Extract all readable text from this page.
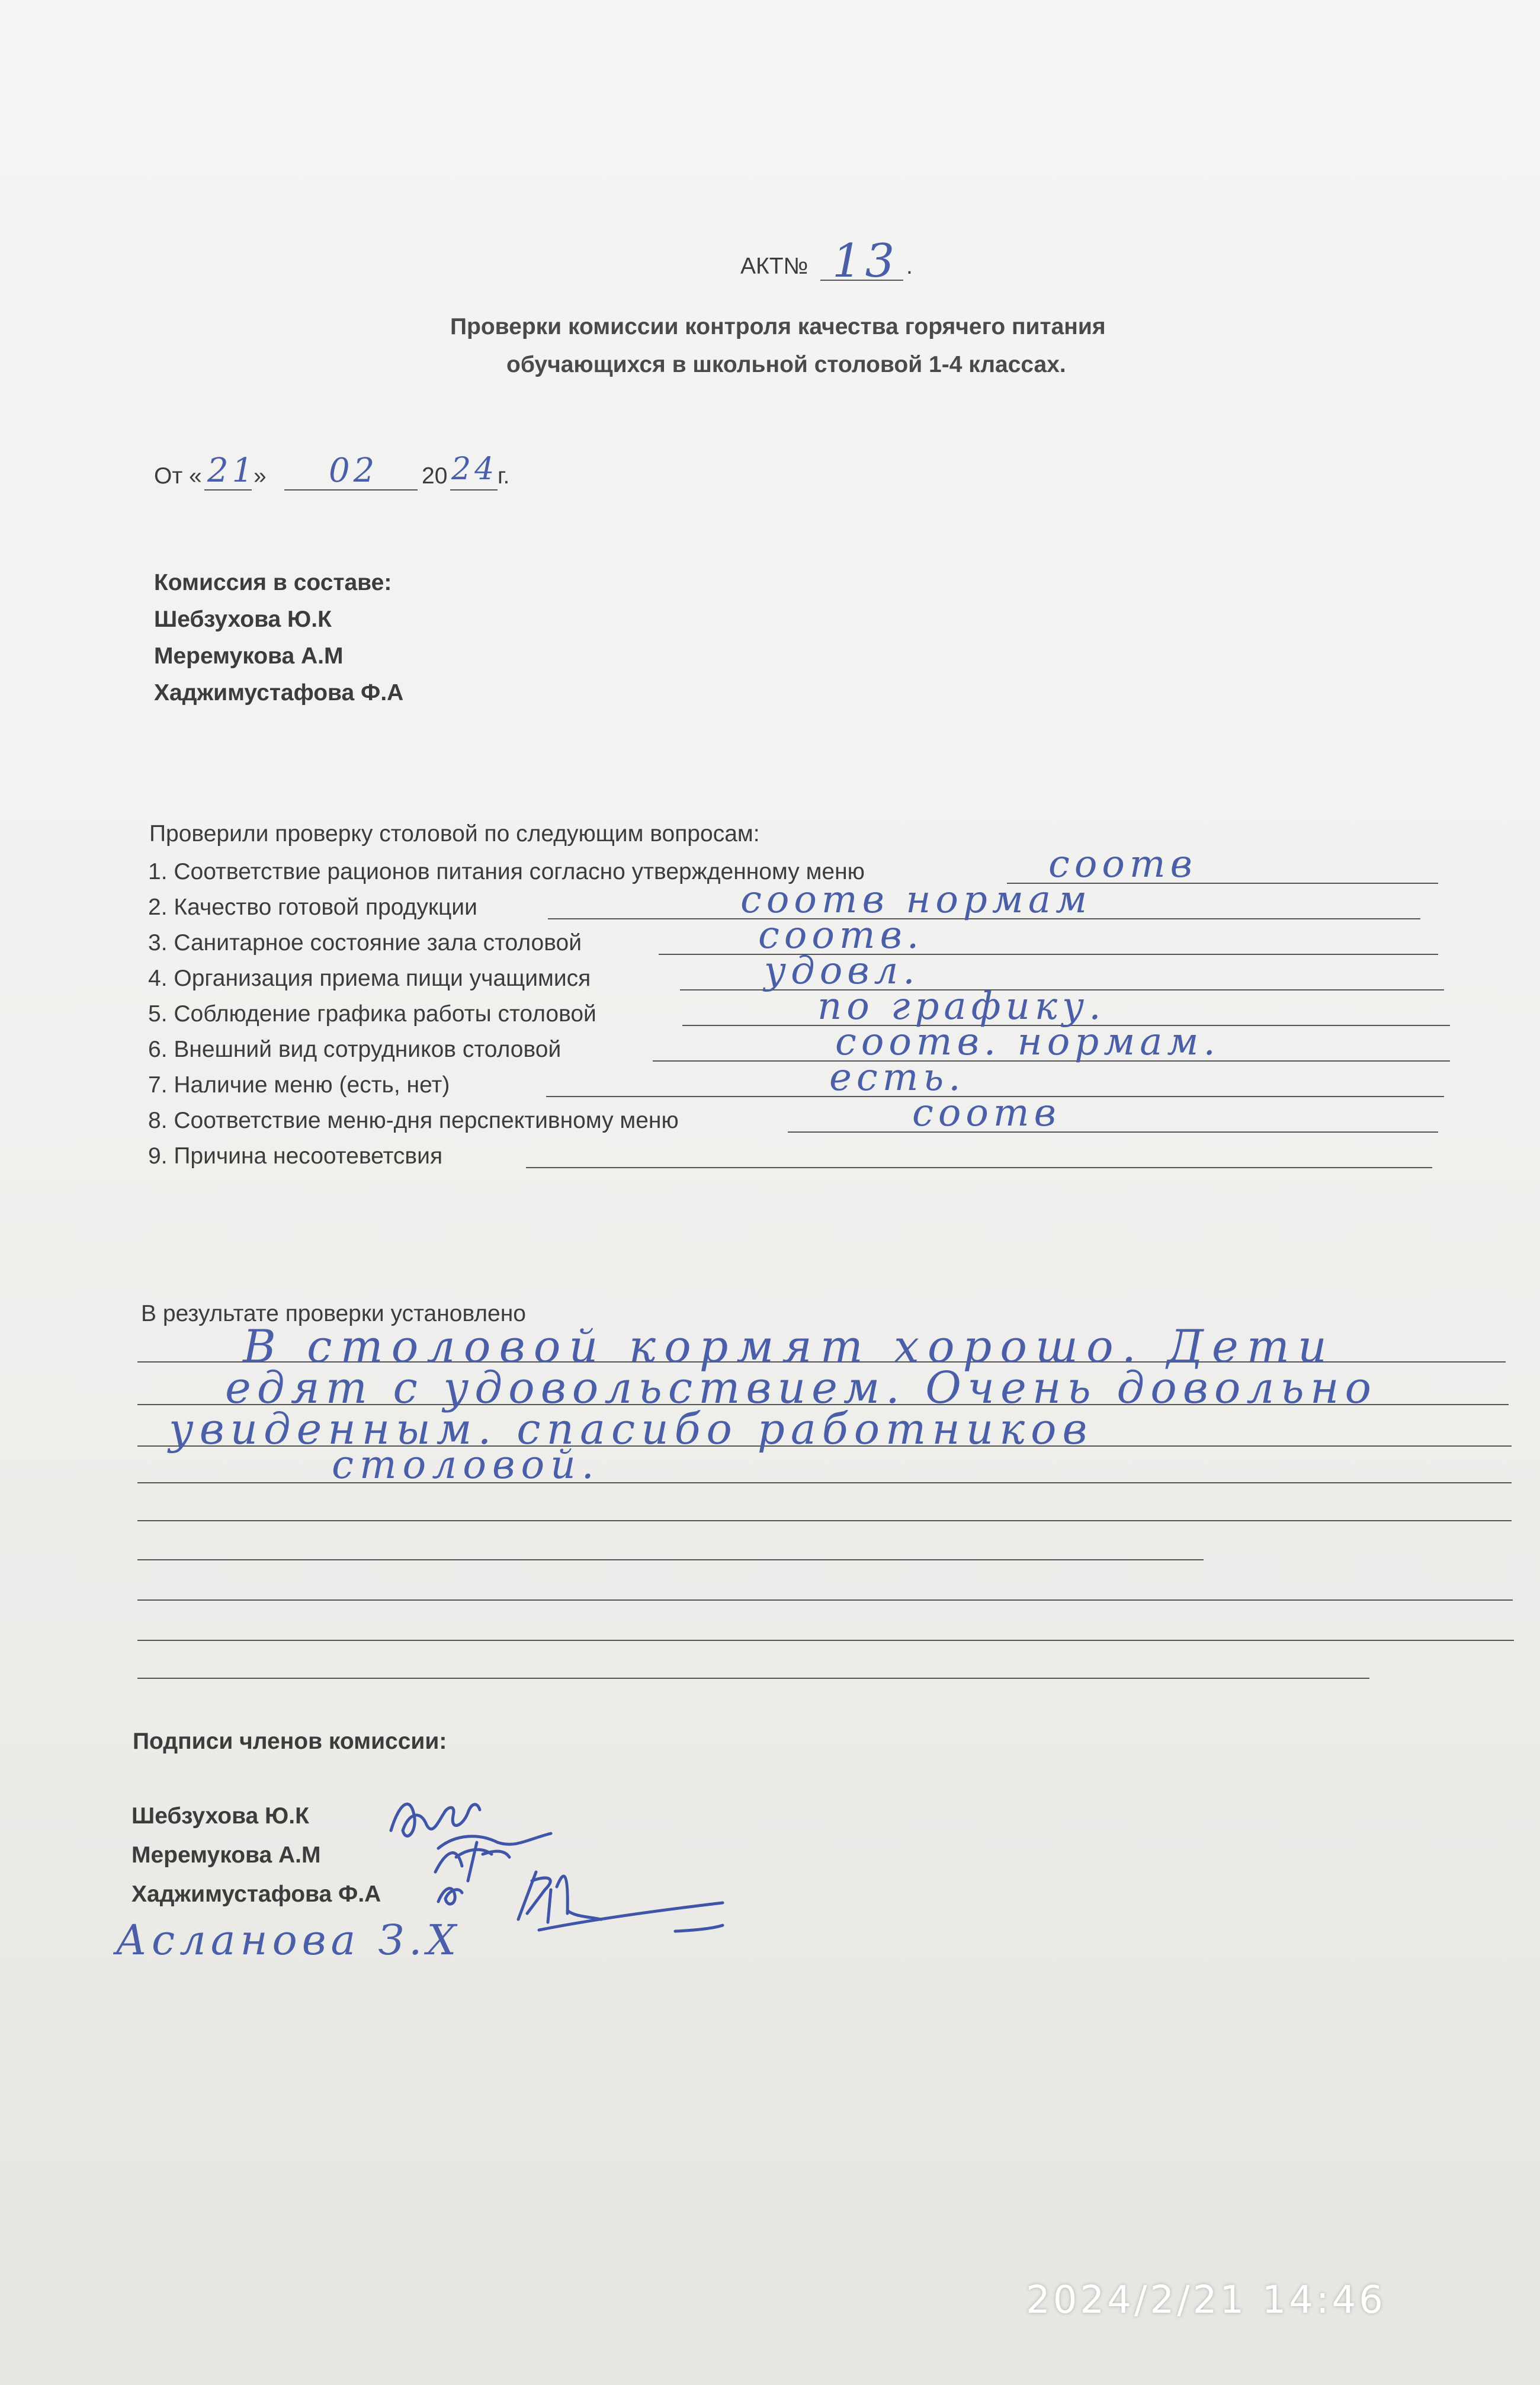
АКТ№ 13 .
Проверки комиссии контроля качества горячего питания
обучающихся в школьной столовой 1-4 классах.
От « 21
» 02 20 24 г.
Комиссия в составе:
Шебзухова Ю.К
Меремукова А.М
Хаджимустафова Ф.А
Проверили проверку столовой по следующим вопросам:
1. Соответствие рационов питания согласно утвержденному меню	соотв
2. Качество готовой продукции	соотв нормам
3. Санитарное состояние зала столовой	соотв.
4. Организация приема пищи учащимися	удовл.
5. Соблюдение графика работы столовой	по графику.
6. Внешний вид сотрудников столовой	соотв. нормам.
7. Наличие меню (есть, нет)	есть.
8. Соответствие меню-дня перспективному меню	соотв
9. Причина несоотеветсвия
В результате проверки установлено
В столовой кормят хорошо. Дети
едят с удовольствием. Очень довольно
увиденным. спасибо работников
столовой.
Подписи членов комиссии:
Шебзухова Ю.К
Меремукова А.М
Хаджимустафова Ф.А
Асланова З.Х
2024/2/21 14:46
